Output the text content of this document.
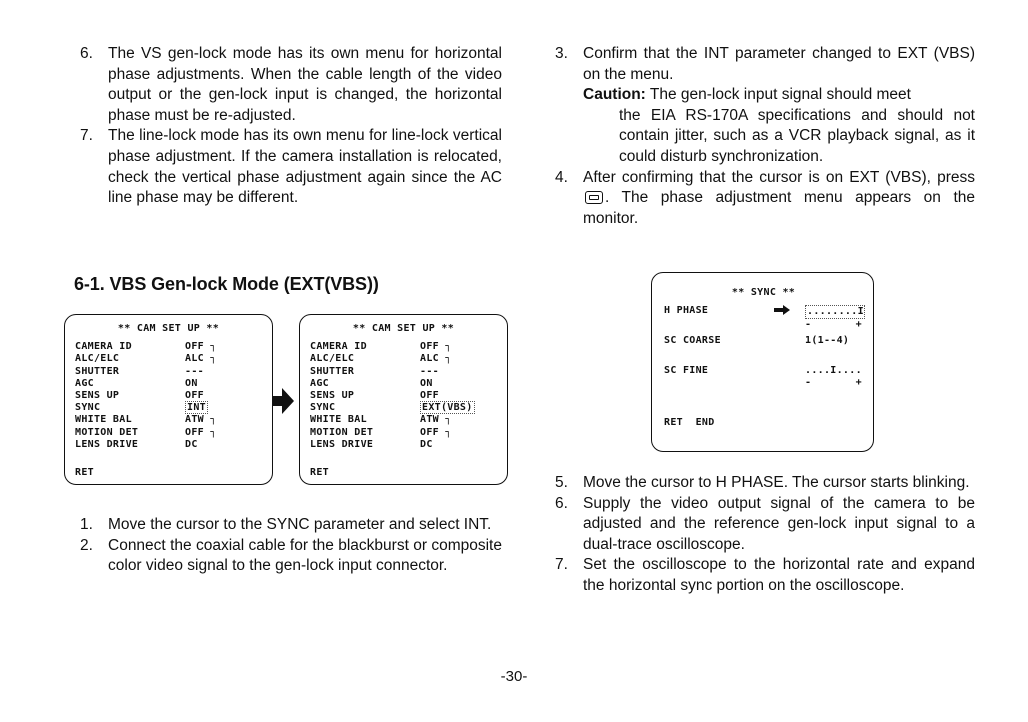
6. The VS gen-lock mode has its own menu for horizontal phase adjustments. When the cable length of the video output or the gen-lock input is changed, the horizontal phase must be re-adjusted.
7. The line-lock mode has its own menu for line-lock vertical phase adjustment. If the camera installation is relocated, check the vertical phase adjustment again since the AC line phase may be different.
6-1. VBS Gen-lock Mode (EXT(VBS))
** CAM SET UP **
CAMERA ID	OFF ┐
ALC/ELC	ALC ┐
SHUTTER	---
AGC	ON
SENS UP	OFF
SYNC	INT
WHITE BAL	ATW ┐
MOTION DET	OFF ┐
LENS DRIVE	DC
RET
** CAM SET UP **
CAMERA ID	OFF ┐
ALC/ELC	ALC ┐
SHUTTER	---
AGC	ON
SENS UP	OFF
SYNC	EXT(VBS)
WHITE BAL	ATW ┐
MOTION DET	OFF ┐
LENS DRIVE	DC
RET
1. Move the cursor to the SYNC parameter and select INT.
2. Connect the coaxial cable for the blackburst or composite color video signal to the gen-lock input connector.
3. Confirm that the INT parameter changed to EXT (VBS) on the menu.
Caution: The gen-lock input signal should meet
the EIA RS-170A specifications and should not contain jitter, such as a VCR playback signal, as it could disturb synchronization.
4. After confirming that the cursor is on EXT (VBS), press . The phase adjustment menu appears on the monitor.
** SYNC **
H PHASE	........I
-       +
SC COARSE	1(1--4)
SC FINE	....I....
-       +
RET  END
5. Move the cursor to H PHASE. The cursor starts blinking.
6. Supply the video output signal of the camera to be adjusted and the reference gen-lock input signal to a dual-trace oscilloscope.
7. Set the oscilloscope to the horizontal rate and expand the horizontal sync portion on the oscilloscope.
-30-
